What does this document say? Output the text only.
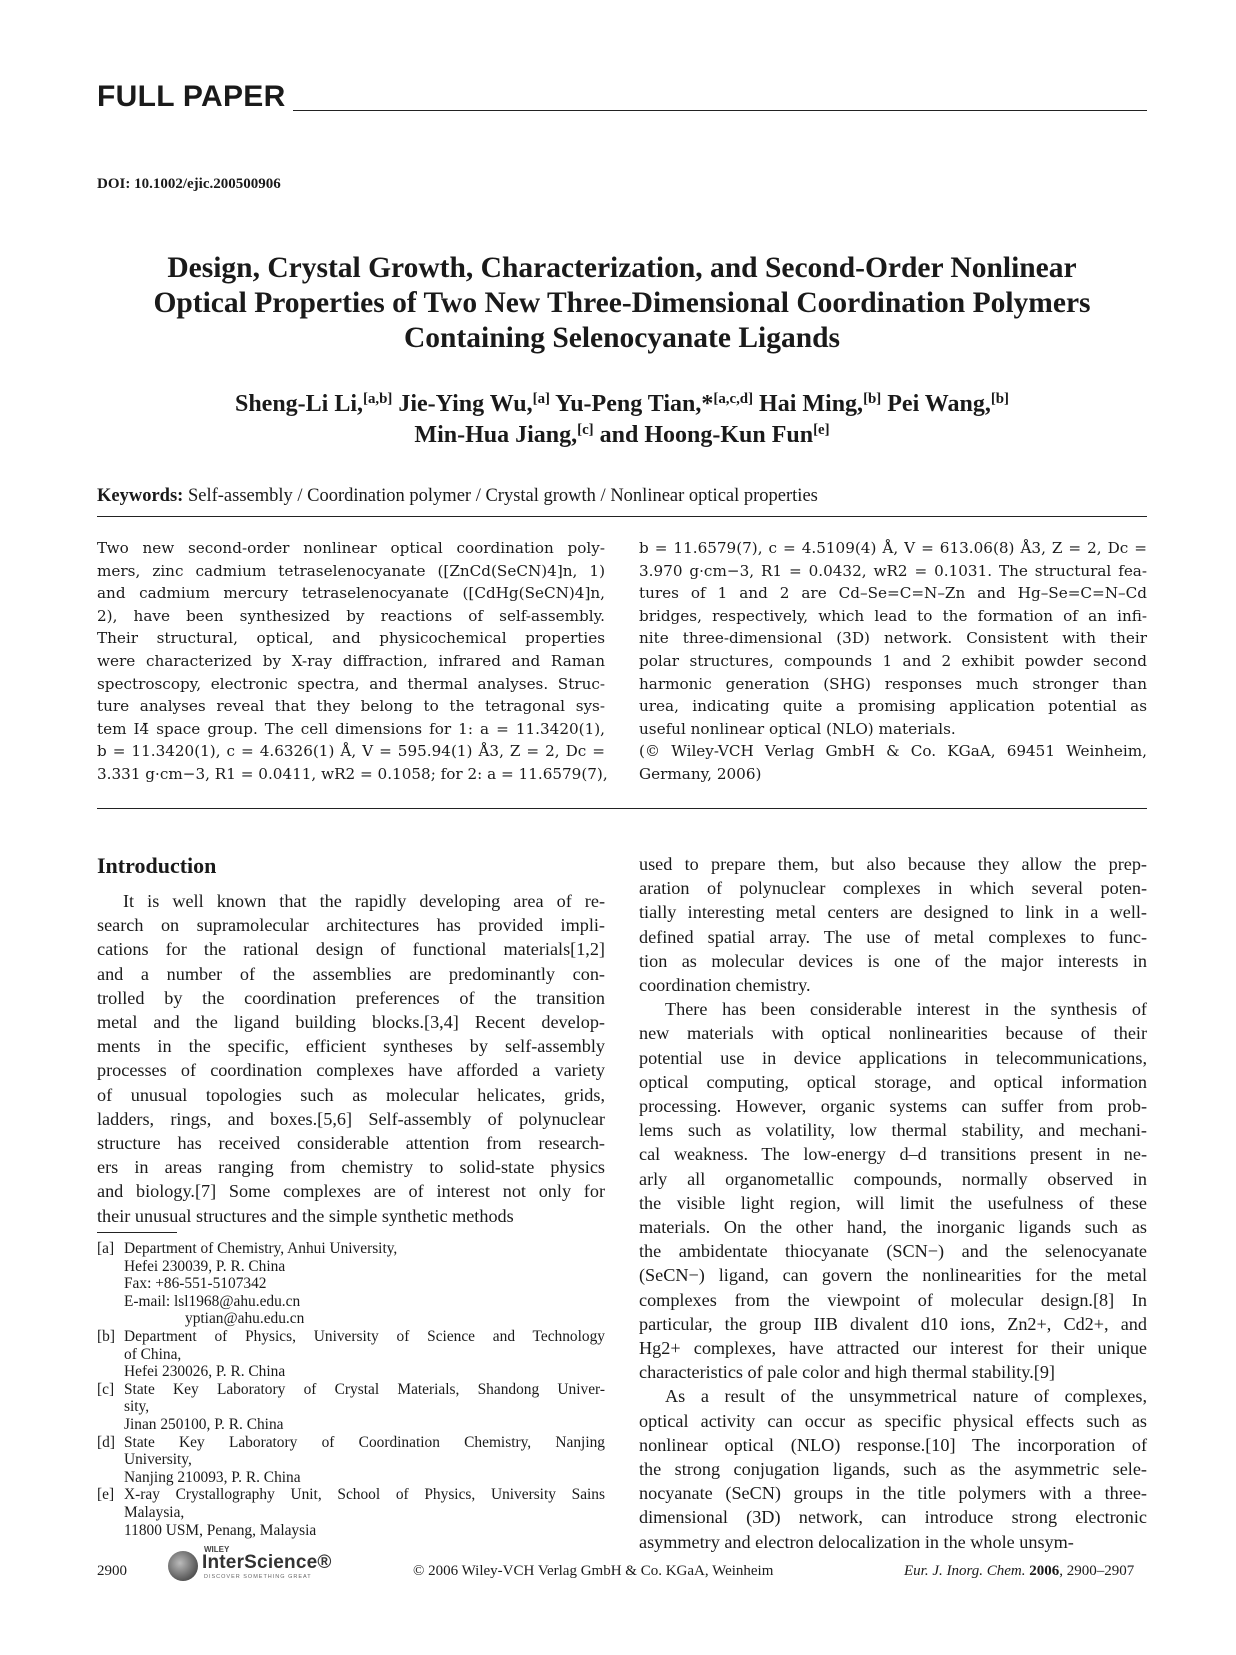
FULL PAPER
DOI: 10.1002/ejic.200500906
Design, Crystal Growth, Characterization, and Second-Order Nonlinear
Optical Properties of Two New Three-Dimensional Coordination Polymers
Containing Selenocyanate Ligands
Sheng-Li Li,[a,b] Jie-Ying Wu,[a] Yu-Peng Tian,*[a,c,d] Hai Ming,[b] Pei Wang,[b]
Min-Hua Jiang,[c] and Hoong-Kun Fun[e]
Keywords: Self-assembly / Coordination polymer / Crystal growth / Nonlinear optical properties
Two new second-order nonlinear optical coordination poly-
mers, zinc cadmium tetraselenocyanate ([ZnCd(SeCN)4]n, 1)
and cadmium mercury tetraselenocyanate ([CdHg(SeCN)4]n,
2), have been synthesized by reactions of self-assembly.
Their structural, optical, and physicochemical properties
were characterized by X-ray diffraction, infrared and Raman
spectroscopy, electronic spectra, and thermal analyses. Struc-
ture analyses reveal that they belong to the tetragonal sys-
tem I4̄ space group. The cell dimensions for 1: a = 11.3420(1),
b = 11.3420(1), c = 4.6326(1) Å, V = 595.94(1) Å3, Z = 2, Dc =
3.331 g·cm−3, R1 = 0.0411, wR2 = 0.1058; for 2: a = 11.6579(7),
b = 11.6579(7), c = 4.5109(4) Å, V = 613.06(8) Å3, Z = 2, Dc =
3.970 g·cm−3, R1 = 0.0432, wR2 = 0.1031. The structural fea-
tures of 1 and 2 are Cd–Se=C=N–Zn and Hg–Se=C=N–Cd
bridges, respectively, which lead to the formation of an infi-
nite three-dimensional (3D) network. Consistent with their
polar structures, compounds 1 and 2 exhibit powder second
harmonic generation (SHG) responses much stronger than
urea, indicating quite a promising application potential as
useful nonlinear optical (NLO) materials.
(© Wiley-VCH Verlag GmbH & Co. KGaA, 69451 Weinheim,
Germany, 2006)
Introduction
It is well known that the rapidly developing area of re-
search on supramolecular architectures has provided impli-
cations for the rational design of functional materials[1,2]
and a number of the assemblies are predominantly con-
trolled by the coordination preferences of the transition
metal and the ligand building blocks.[3,4] Recent develop-
ments in the specific, efficient syntheses by self-assembly
processes of coordination complexes have afforded a variety
of unusual topologies such as molecular helicates, grids,
ladders, rings, and boxes.[5,6] Self-assembly of polynuclear
structure has received considerable attention from research-
ers in areas ranging from chemistry to solid-state physics
and biology.[7] Some complexes are of interest not only for
their unusual structures and the simple synthetic methods
used to prepare them, but also because they allow the prep-
aration of polynuclear complexes in which several poten-
tially interesting metal centers are designed to link in a well-
defined spatial array. The use of metal complexes to func-
tion as molecular devices is one of the major interests in
coordination chemistry.
There has been considerable interest in the synthesis of
new materials with optical nonlinearities because of their
potential use in device applications in telecommunications,
optical computing, optical storage, and optical information
processing. However, organic systems can suffer from prob-
lems such as volatility, low thermal stability, and mechani-
cal weakness. The low-energy d–d transitions present in ne-
arly all organometallic compounds, normally observed in
the visible light region, will limit the usefulness of these
materials. On the other hand, the inorganic ligands such as
the ambidentate thiocyanate (SCN−) and the selenocyanate
(SeCN−) ligand, can govern the nonlinearities for the metal
complexes from the viewpoint of molecular design.[8] In
particular, the group IIB divalent d10 ions, Zn2+, Cd2+, and
Hg2+ complexes, have attracted our interest for their unique
characteristics of pale color and high thermal stability.[9]
As a result of the unsymmetrical nature of complexes,
optical activity can occur as specific physical effects such as
nonlinear optical (NLO) response.[10] The incorporation of
the strong conjugation ligands, such as the asymmetric sele-
nocyanate (SeCN) groups in the title polymers with a three-
dimensional (3D) network, can introduce strong electronic
asymmetry and electron delocalization in the whole unsym-
[a] Department of Chemistry, Anhui University,
Hefei 230039, P. R. China
Fax: +86-551-5107342
E-mail: lsl1968@ahu.edu.cn
yptian@ahu.edu.cn
[b] Department of Physics, University of Science and Technology
of China,
Hefei 230026, P. R. China
[c] State Key Laboratory of Crystal Materials, Shandong Univer-
sity,
Jinan 250100, P. R. China
[d] State Key Laboratory of Coordination Chemistry, Nanjing
University,
Nanjing 210093, P. R. China
[e] X-ray Crystallography Unit, School of Physics, University Sains
Malaysia,
11800 USM, Penang, Malaysia
2900
WILEY
InterScience®
DISCOVER SOMETHING GREAT	© 2006 Wiley-VCH Verlag GmbH & Co. KGaA, Weinheim	Eur. J. Inorg. Chem. 2006, 2900–2907
